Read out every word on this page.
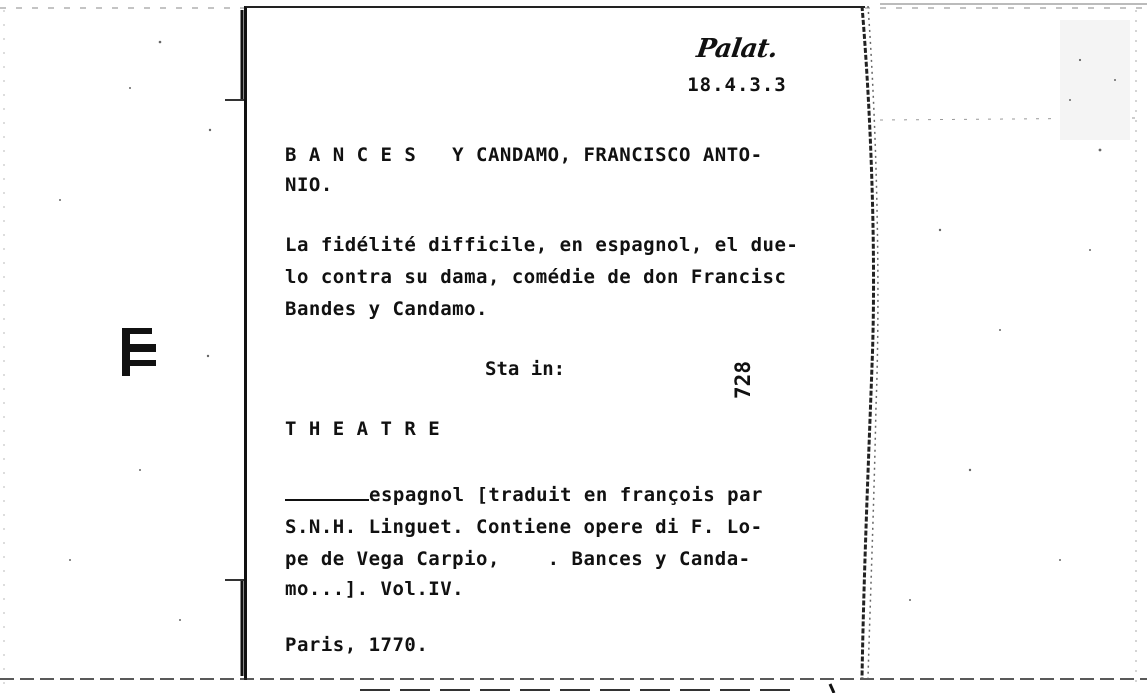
Palat.
18.4.3.3
B A N C E S   Y CANDAMO, FRANCISCO ANTO-
NIO.
La fidélité difficile, en espagnol, el due-
lo contra su dama, comédie de don Francisc
Bandes y Candamo.
Sta in:	728
T H E A T R E
espagnol [traduit en françois par
S.N.H. Linguet. Contiene opere di F. Lo-
pe de Vega Carpio,    . Bances y Canda-
mo...]. Vol.IV.
Paris, 1770.
